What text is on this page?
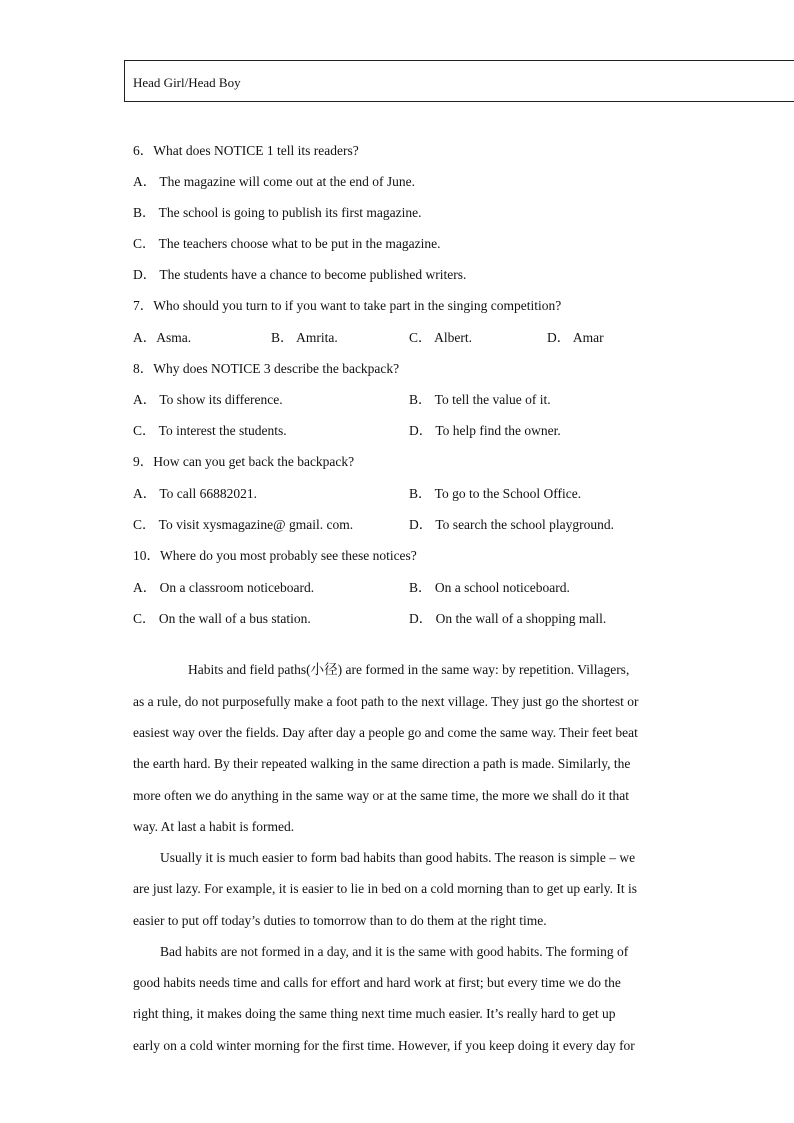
Head Girl/Head Boy
6．What does NOTICE 1 tell its readers?
A． The magazine will come out at the end of June.
B． The school is going to publish its first magazine.
C． The teachers choose what to be put in the magazine.
D． The students have a chance to become published writers.
7．Who should you turn to if you want to take part in the singing competition?
A．Asma.	B． Amrita.	C． Albert.	D． Amar
8．Why does NOTICE 3 describe the backpack?
A． To show its difference.	B． To tell the value of it.
C． To interest the students.	D． To help find the owner.
9．How can you get back the backpack?
A． To call 66882021.	B． To go to the School Office.
C． To visit xysmagazine@ gmail. com.	D． To search the school playground.
10．Where do you most probably see these notices?
A． On a classroom noticeboard.	B． On a school noticeboard.
C． On the wall of a bus station.	D． On the wall of a shopping mall.
Habits and field paths(小径) are formed in the same way: by repetition. Villagers,
as a rule, do not purposefully make a foot path to the next village. They just go the shortest or
easiest way over the fields. Day after day a people go and come the same way. Their feet beat
the earth hard. By their repeated walking in the same direction a path is made. Similarly, the
more often we do anything in the same way or at the same time, the more we shall do it that
way. At last a habit is formed.
Usually it is much easier to form bad habits than good habits. The reason is simple – we
are just lazy. For example, it is easier to lie in bed on a cold morning than to get up early. It is
easier to put off today’s duties to tomorrow than to do them at the right time.
Bad habits are not formed in a day, and it is the same with good habits. The forming of
good habits needs time and calls for effort and hard work at first; but every time we do the
right thing, it makes doing the same thing next time much easier. It’s really hard to get up
early on a cold winter morning for the first time. However, if you keep doing it every day for
